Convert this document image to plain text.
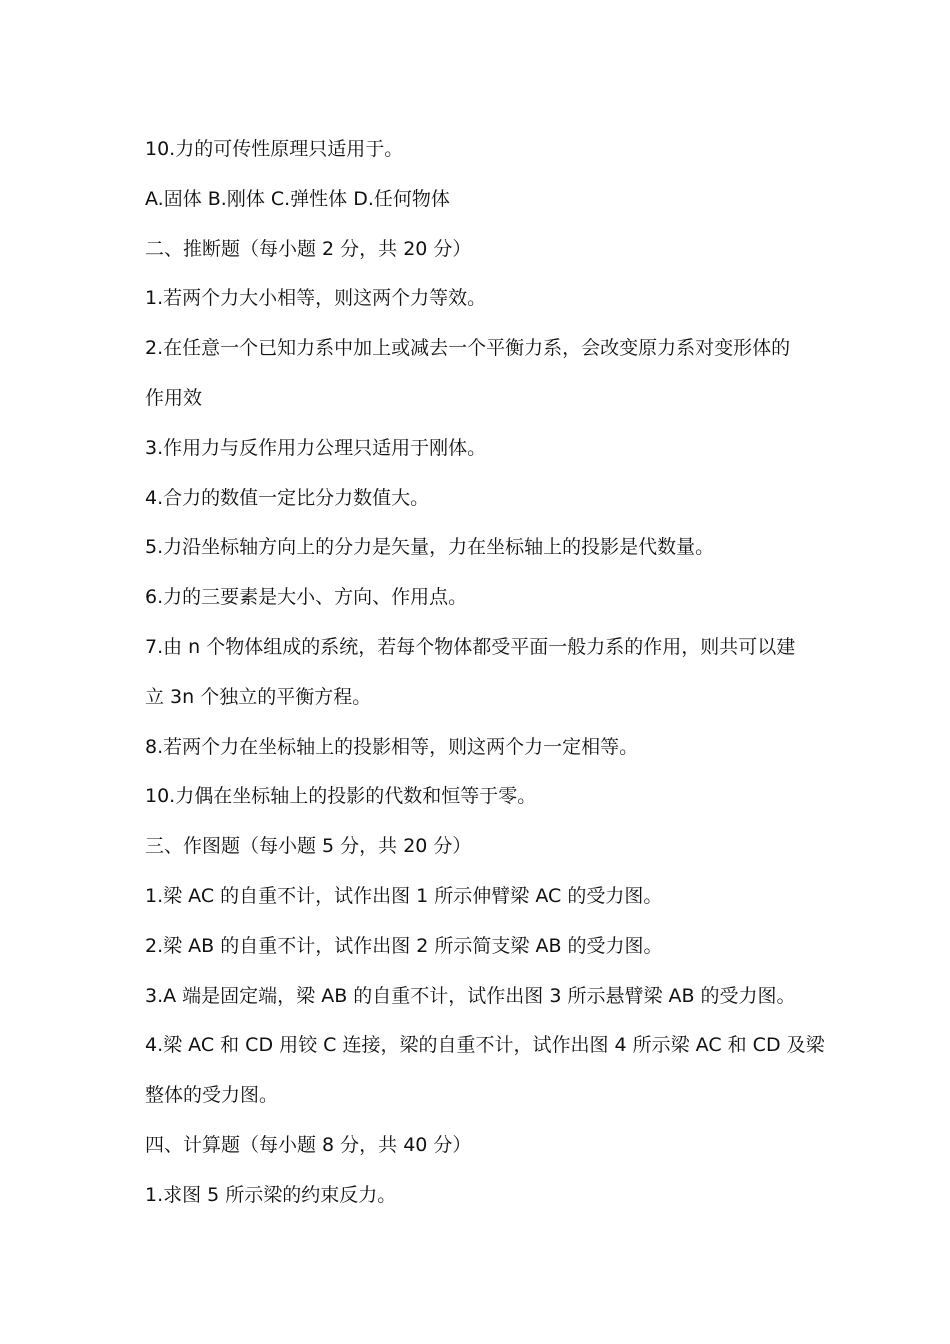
10.力的可传性原理只适用于。
A.固体 B.刚体 C.弹性体 D.任何物体
二、推断题（每小题 2 分，共 20 分）
1.若两个力大小相等，则这两个力等效。
2.在任意一个已知力系中加上或减去一个平衡力系，会改变原力系对变形体的
作用效
3.作用力与反作用力公理只适用于刚体。
4.合力的数值一定比分力数值大。
5.力沿坐标轴方向上的分力是矢量，力在坐标轴上的投影是代数量。
6.力的三要素是大小、方向、作用点。
7.由 n 个物体组成的系统，若每个物体都受平面一般力系的作用，则共可以建
立 3n 个独立的平衡方程。
8.若两个力在坐标轴上的投影相等，则这两个力一定相等。
10.力偶在坐标轴上的投影的代数和恒等于零。
三、作图题（每小题 5 分，共 20 分）
1.梁 AC 的自重不计，试作出图 1 所示伸臂梁 AC 的受力图。
2.梁 AB 的自重不计，试作出图 2 所示简支梁 AB 的受力图。
3.A 端是固定端，梁 AB 的自重不计，试作出图 3 所示悬臂梁 AB 的受力图。
4.梁 AC 和 CD 用铰 C 连接，梁的自重不计，试作出图 4 所示梁 AC 和 CD 及梁
整体的受力图。
四、计算题（每小题 8 分，共 40 分）
1.求图 5 所示梁的约束反力。
